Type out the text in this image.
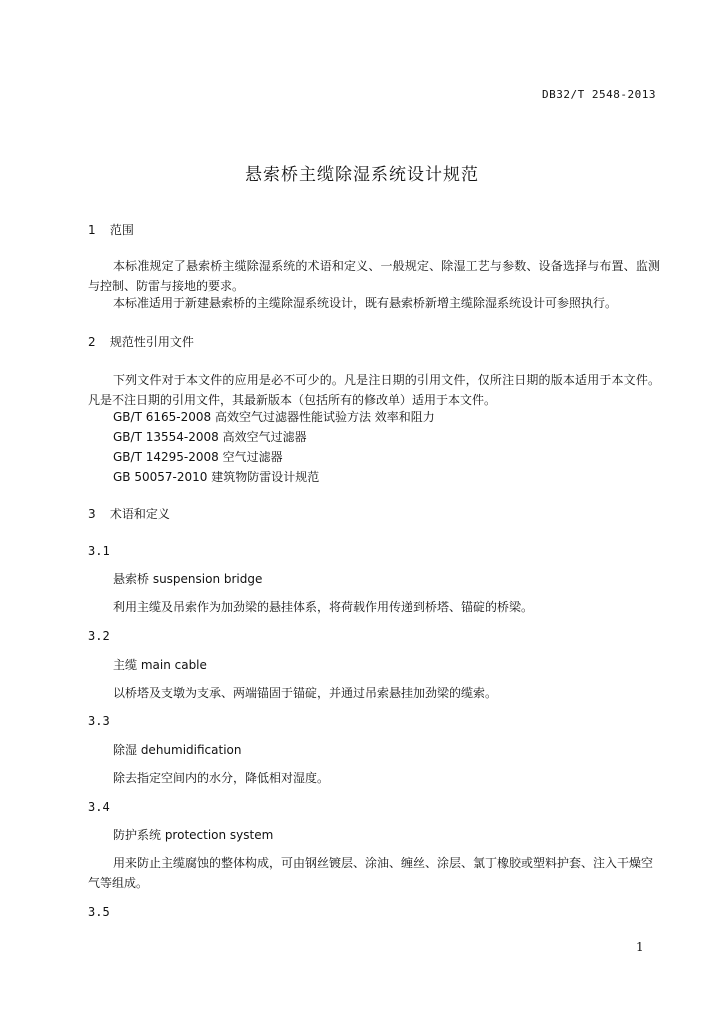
DB32/T 2548-2013
悬索桥主缆除湿系统设计规范
1 范围
本标准规定了悬索桥主缆除湿系统的术语和定义、一般规定、除湿工艺与参数、设备选择与布置、监测与控制、防雷与接地的要求。
本标准适用于新建悬索桥的主缆除湿系统设计，既有悬索桥新增主缆除湿系统设计可参照执行。
2 规范性引用文件
下列文件对于本文件的应用是必不可少的。凡是注日期的引用文件，仅所注日期的版本适用于本文件。凡是不注日期的引用文件，其最新版本（包括所有的修改单）适用于本文件。
GB/T 6165-2008 高效空气过滤器性能试验方法 效率和阻力
GB/T 13554-2008 高效空气过滤器
GB/T 14295-2008 空气过滤器
GB 50057-2010 建筑物防雷设计规范
3 术语和定义
3.1
悬索桥 suspension bridge
利用主缆及吊索作为加劲梁的悬挂体系，将荷载作用传递到桥塔、锚碇的桥梁。
3.2
主缆 main cable
以桥塔及支墩为支承、两端锚固于锚碇，并通过吊索悬挂加劲梁的缆索。
3.3
除湿 dehumidification
除去指定空间内的水分，降低相对湿度。
3.4
防护系统 protection system
用来防止主缆腐蚀的整体构成，可由钢丝镀层、涂油、缠丝、涂层、氯丁橡胶或塑料护套、注入干燥空气等组成。
3.5
1
